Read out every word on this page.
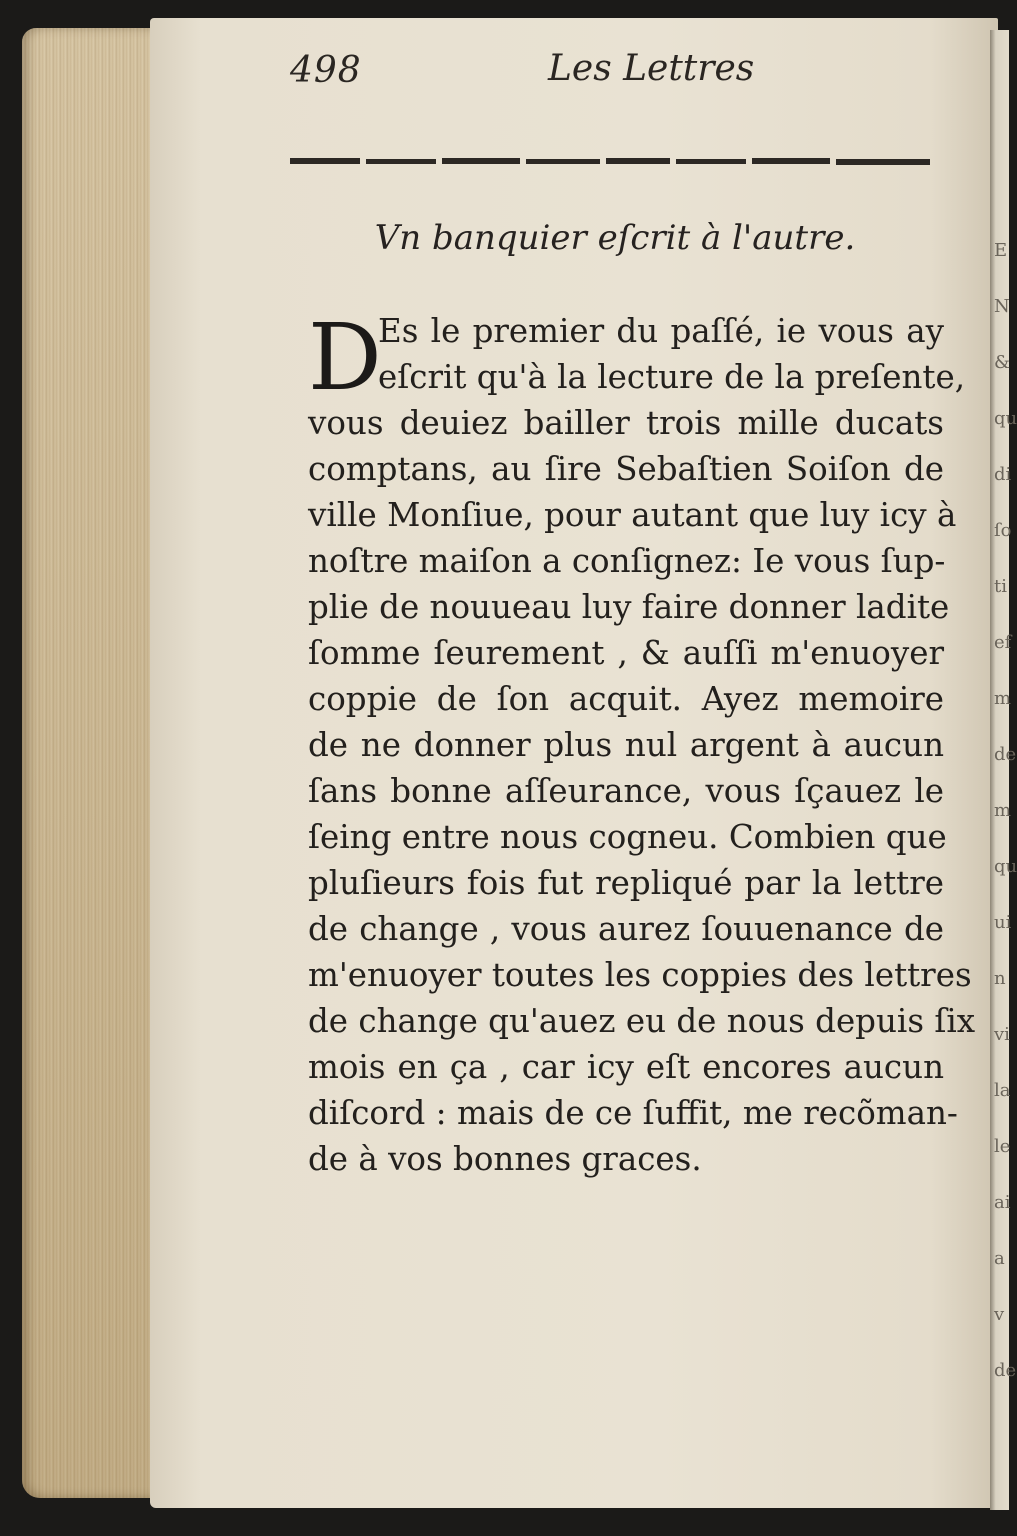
E
N
&
qu
di
ſo
ti
ef
m
de
m
qu
ui
n
vi
la
le
ai
a
v
de
498	Les Lettres
Vn banquier eſcrit à l'autre.
D
Es le premier du paſſé, ie vous ay
eſcrit qu'à la lecture de la preſente,
vous deuiez bailler trois mille ducats
comptans, au ſire Sebaſtien Soiſon de
ville Monſiue, pour autant que luy icy à
noſtre maiſon a conſignez: Ie vous ſup-
plie de nouueau luy faire donner ladite
ſomme ſeurement , & auſſi m'enuoyer
coppie de ſon acquit. Ayez memoire
de ne donner plus nul argent à aucun
ſans bonne aſſeurance, vous ſçauez le
ſeing entre nous cogneu. Combien que
pluſieurs fois fut repliqué par la lettre
de change , vous aurez ſouuenance de
m'enuoyer toutes les coppies des lettres
de change qu'auez eu de nous depuis ſix
mois en ça , car icy eſt encores aucun
diſcord : mais de ce ſuffit, me recõman-
de à vos bonnes graces.
